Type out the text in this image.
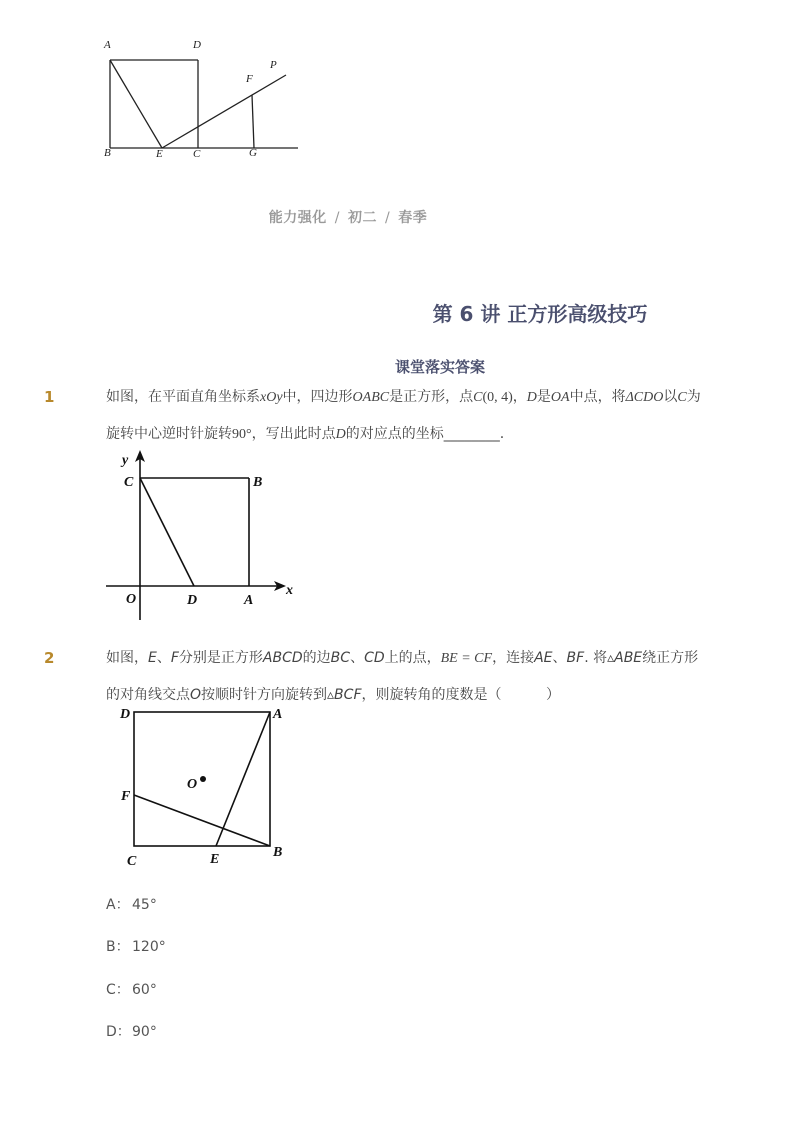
A	D
P
F
B	E	C	G
能力强化 / 初二 / 春季
第 6 讲 正方形高级技巧
课堂落实答案
1	如图，在平面直角坐标系xOy中，四边形OABC是正方形，点C(0, 4)，D是OA中点，将ΔCDO以C为
旋转中心逆时针旋转90°，写出此时点D的对应点的坐标________.
y
C	B
O	D	A
x
2	如图，E、F分别是正方形ABCD的边BC、CD上的点，BE = CF，连接AE、BF. 将▵ABE绕正方形
的对角线交点O按顺时针方向旋转到▵BCF，则旋转角的度数是（          ）
D	A
O
F
C	E	B
A： 45°
B： 120°
C： 60°
D：90°
